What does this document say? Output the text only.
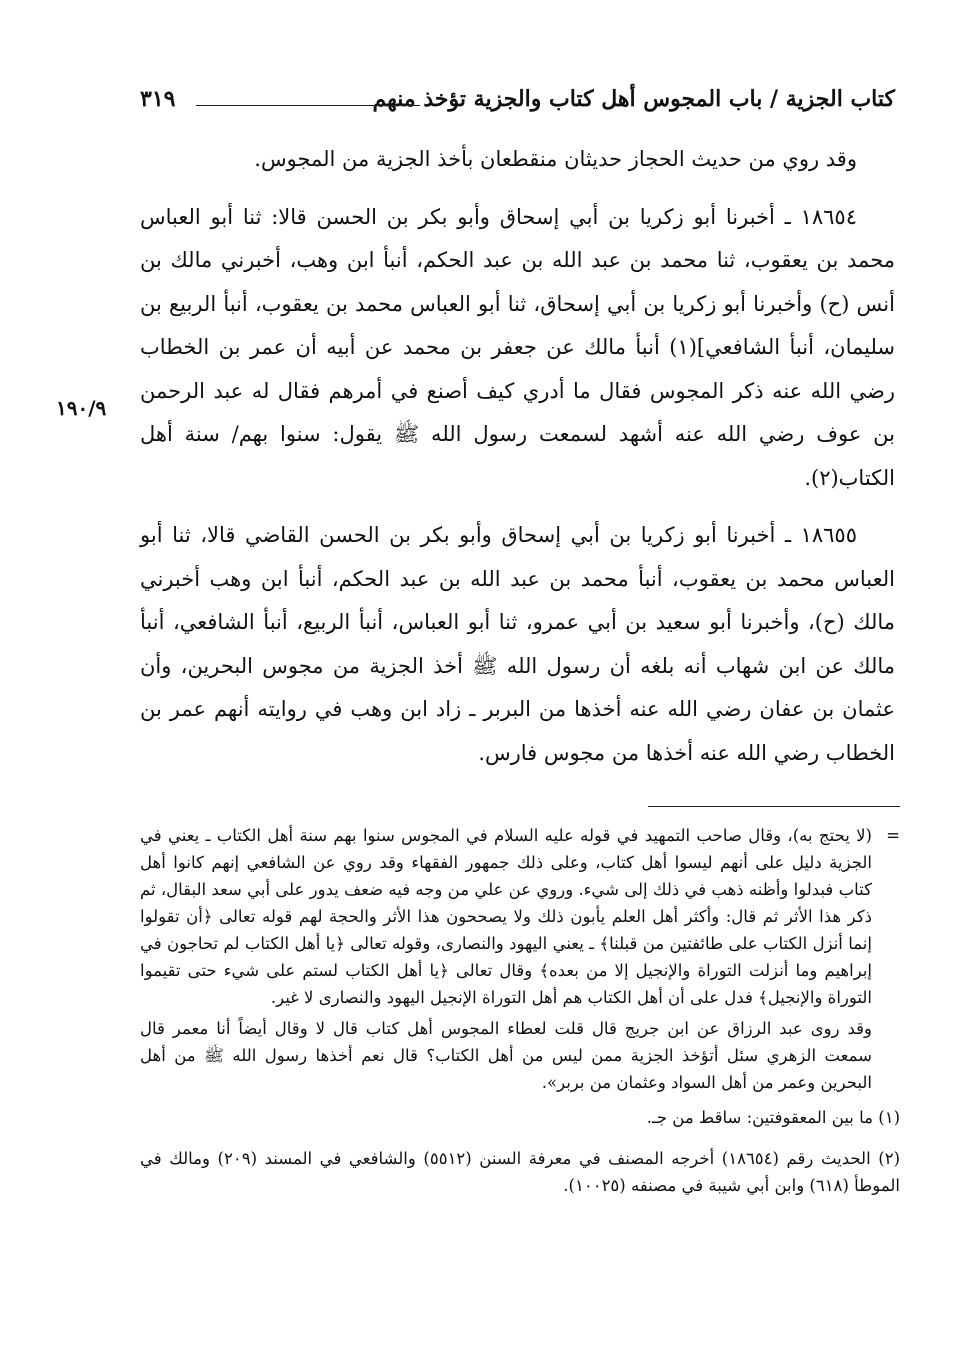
كتاب الجزية / باب المجوس أهل كتاب والجزية تؤخذ منهم
٣١٩
١٩٠/٩

وقد روي من حديث الحجاز حديثان منقطعان بأخذ الجزية من المجوس.

١٨٦٥٤ ـ أخبرنا أبو زكريا بن أبي إسحاق وأبو بكر بن الحسن قالا: ثنا أبو العباس محمد بن يعقوب، ثنا محمد بن عبد الله بن عبد الحكم، أنبأ ابن وهب، أخبرني مالك بن أنس (ح) وأخبرنا أبو زكريا بن أبي إسحاق، ثنا أبو العباس محمد بن يعقوب، أنبأ الربيع بن سليمان، أنبأ الشافعي](١) أنبأ مالك عن جعفر بن محمد عن أبيه أن عمر بن الخطاب رضي الله عنه ذكر المجوس فقال ما أدري كيف أصنع في أمرهم فقال له عبد الرحمن بن عوف رضي الله عنه أشهد لسمعت رسول الله ﷺ يقول: سنوا بهم/ سنة أهل الكتاب(٢).

١٨٦٥٥ ـ أخبرنا أبو زكريا بن أبي إسحاق وأبو بكر بن الحسن القاضي قالا، ثنا أبو العباس محمد بن يعقوب، أنبأ محمد بن عبد الله بن عبد الحكم، أنبأ ابن وهب أخبرني مالك (ح)، وأخبرنا أبو سعيد بن أبي عمرو، ثنا أبو العباس، أنبأ الربيع، أنبأ الشافعي، أنبأ مالك عن ابن شهاب أنه بلغه أن رسول الله ﷺ أخذ الجزية من مجوس البحرين، وأن عثمان بن عفان رضي الله عنه أخذها من البربر ـ زاد ابن وهب في روايته أنهم عمر بن الخطاب رضي الله عنه أخذها من مجوس فارس.

=
(لا يحتج به)، وقال صاحب التمهيد في قوله عليه السلام في المجوس سنوا بهم سنة أهل الكتاب ـ يعني في الجزية دليل على أنهم ليسوا أهل كتاب، وعلى ذلك جمهور الفقهاء وقد روي عن الشافعي إنهم كانوا أهل كتاب فبدلوا وأظنه ذهب في ذلك إلى شيء. وروي عن علي من وجه فيه ضعف يدور على أبي سعد البقال، ثم ذكر هذا الأثر ثم قال: وأكثر أهل العلم يأبون ذلك ولا يصححون هذا الأثر والحجة لهم قوله تعالى ﴿أن تقولوا إنما أنزل الكتاب على طائفتين من قبلنا﴾ ـ يعني اليهود والنصارى، وقوله تعالى ﴿يا أهل الكتاب لم تحاجون في إبراهيم وما أنزلت التوراة والإنجيل إلا من بعده﴾ وقال تعالى ﴿يا أهل الكتاب لستم على شيء حتى تقيموا التوراة والإنجيل﴾ فدل على أن أهل الكتاب هم أهل التوراة الإنجيل اليهود والنصارى لا غير.

وقد روى عبد الرزاق عن ابن جريج قال قلت لعطاء المجوس أهل كتاب قال لا وقال أيضاً أنا معمر قال سمعت الزهري سئل أتؤخذ الجزية ممن ليس من أهل الكتاب؟ قال نعم أخذها رسول الله ﷺ من أهل البحرين وعمر من أهل السواد وعثمان من بربر».

(١) ما بين المعقوفتين: ساقط من جـ.

(٢) الحديث رقم (١٨٦٥٤) أخرجه المصنف في معرفة السنن (٥٥١٢) والشافعي في المسند (٢٠٩) ومالك في الموطأ (٦١٨) وابن أبي شيبة في مصنفه (١٠٠٢٥).
